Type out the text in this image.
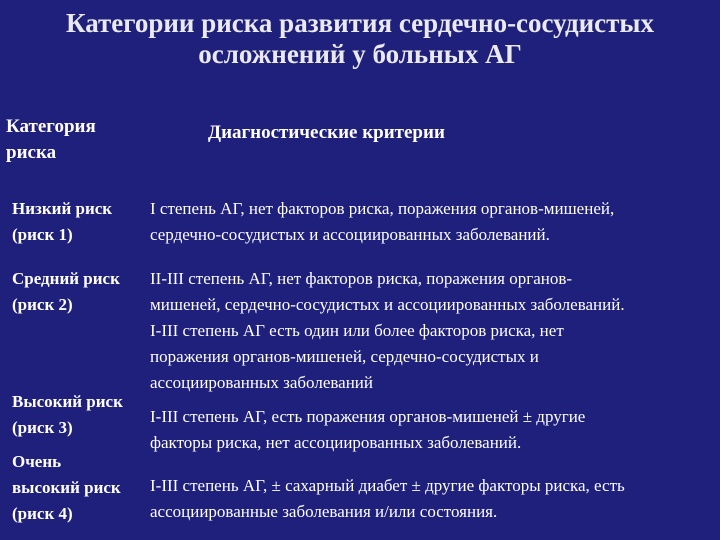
Категории риска развития сердечно-сосудистых
осложнений у больных АГ
Категория
риска
Диагностические критерии
Низкий риск
(риск 1)
I степень АГ, нет факторов риска, поражения органов-мишеней,
сердечно-сосудистых и ассоциированных заболеваний.
Средний риск
(риск 2)
II-III степень АГ, нет факторов риска, поражения органов-
мишеней, сердечно-сосудистых и ассоциированных заболеваний.
I-III степень АГ есть один или более факторов риска, нет
поражения органов-мишеней, сердечно-сосудистых и
ассоциированных заболеваний
Высокий риск
(риск 3)
I-III степень АГ, есть поражения органов-мишеней ± другие
факторы риска, нет ассоциированных заболеваний.
Очень
высокий риск
(риск 4)
I-III степень АГ, ± сахарный диабет ± другие факторы риска, есть
ассоциированные заболевания и/или состояния.
